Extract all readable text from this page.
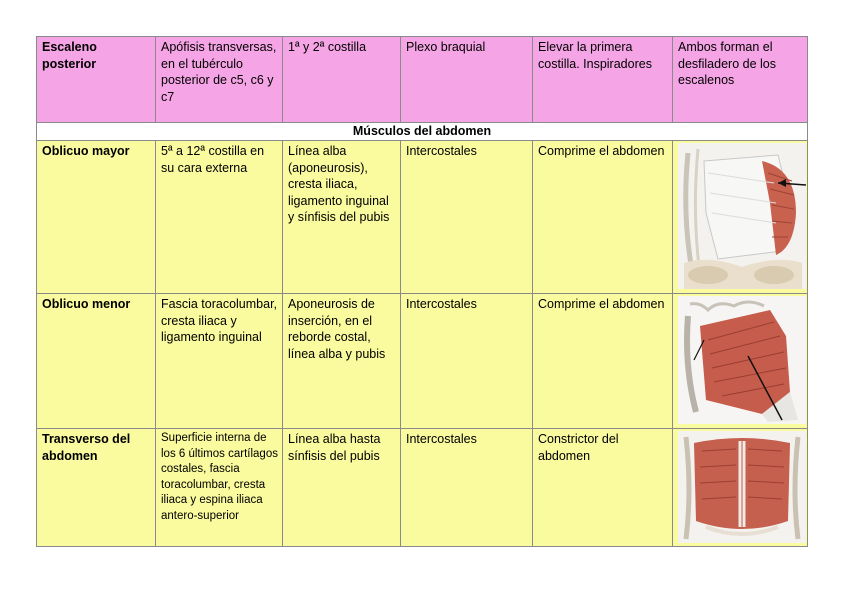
Escaleno posterior	Apófisis transversas, en el tubérculo posterior de c5, c6 y c7	1ª y 2ª costilla	Plexo braquial	Elevar la primera costilla. Inspiradores	Ambos forman el desfiladero de los escalenos
Músculos del abdomen					
Oblicuo mayor	5ª a 12ª costilla en su cara externa	Línea alba (aponeurosis), cresta iliaca, ligamento inguinal y sínfisis del pubis	Intercostales	Comprime el abdomen	

Oblicuo menor	Fascia toracolumbar, cresta iliaca y ligamento inguinal	Aponeurosis de inserción, en el reborde costal, línea alba y pubis	Intercostales	Comprime el abdomen	

Transverso del abdomen	Superficie interna de los 6 últimos cartílagos costales, fascia toracolumbar, cresta iliaca y espina iliaca antero-superior	Línea alba hasta sínfisis del pubis	Intercostales	Constrictor del abdomen	
